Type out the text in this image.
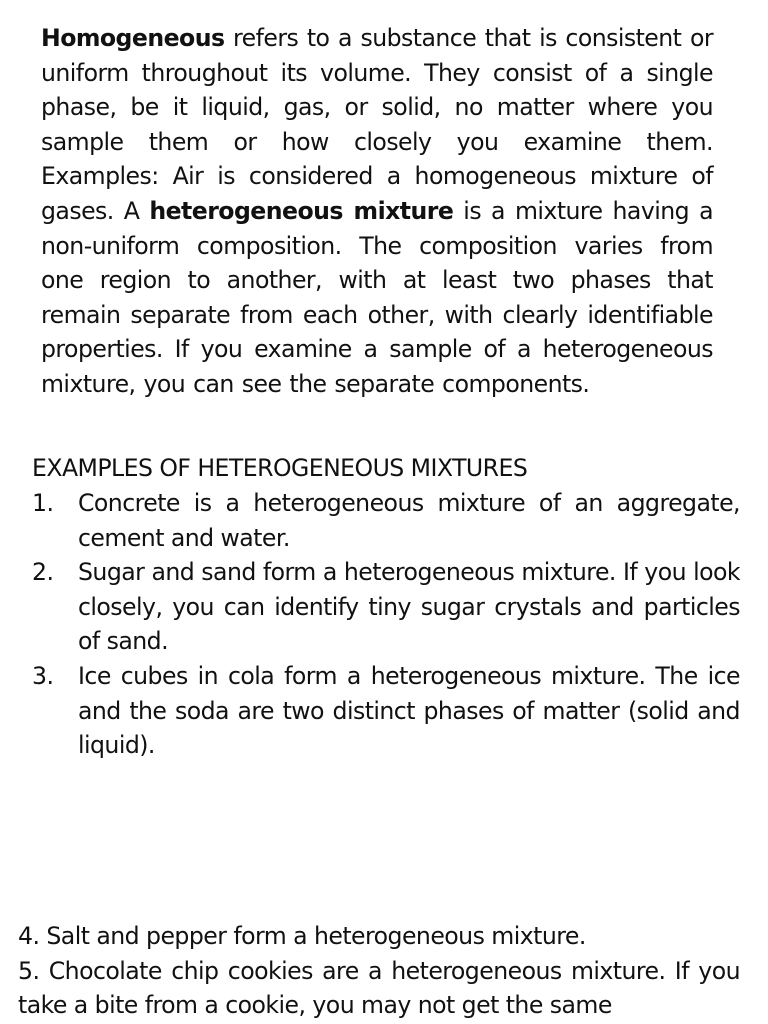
Homogeneous refers to a substance that is consistent or uniform throughout its volume. They consist of a single phase, be it liquid, gas, or solid, no matter where you sample them or how closely you examine them. Examples: Air is considered a homogeneous mixture of gases. A heterogeneous mixture is a mixture having a non-uniform composition. The composition varies from one region to another, with at least two phases that remain separate from each other, with clearly identifiable properties. If you examine a sample of a heterogeneous mixture, you can see the separate components.

EXAMPLES OF HETEROGENEOUS MIXTURES

1. Concrete is a heterogeneous mixture of an aggregate, cement and water.
2. Sugar and sand form a heterogeneous mixture. If you look closely, you can identify tiny sugar crystals and particles of sand.
3. Ice cubes in cola form a heterogeneous mixture. The ice and the soda are two distinct phases of matter (solid and liquid).
4. Salt and pepper form a heterogeneous mixture.
5. Chocolate chip cookies are a heterogeneous mixture. If you take a bite from a cookie, you may not get the same
